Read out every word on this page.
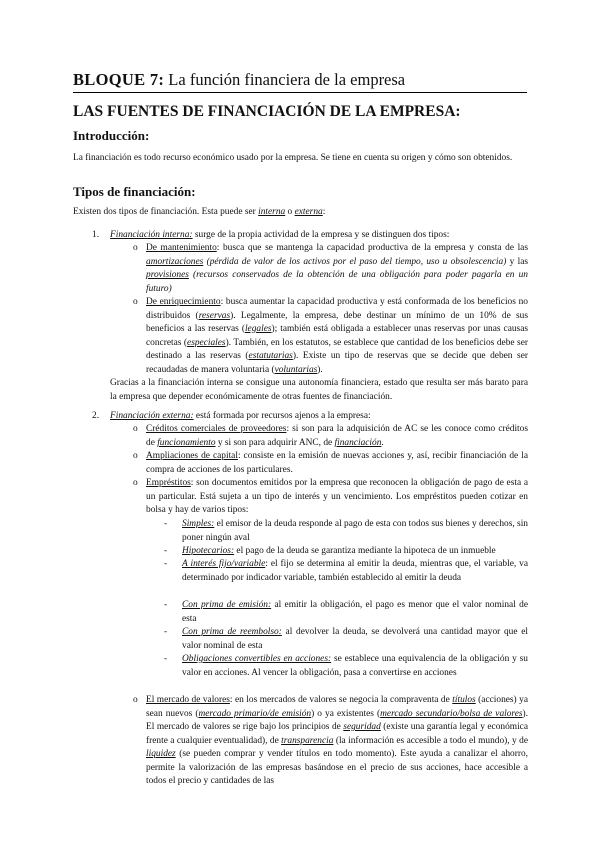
BLOQUE 7: La función financiera de la empresa
LAS FUENTES DE FINANCIACIÓN DE LA EMPRESA:
Introducción:

La financiación es todo recurso económico usado por la empresa. Se tiene en cuenta su origen y cómo son obtenidos.

Tipos de financiación:

Existen dos tipos de financiación. Esta puede ser interna o externa:

1. Financiación interna: surge de la propia actividad de la empresa y se distinguen dos tipos:

o De mantenimiento: busca que se mantenga la capacidad productiva de la empresa y consta de las amortizaciones (pérdida de valor de los activos por el paso del tiempo, uso u obsolescencia) y las provisiones (recursos conservados de la obtención de una obligación para poder pagarla en un futuro)

o De enriquecimiento: busca aumentar la capacidad productiva y está conformada de los beneficios no distribuidos (reservas). Legalmente, la empresa, debe destinar un mínimo de un 10% de sus beneficios a las reservas (legales); también está obligada a establecer unas reservas por unas causas concretas (especiales). También, en los estatutos, se establece que cantidad de los beneficios debe ser destinado a las reservas (estatutarias). Existe un tipo de reservas que se decide que deben ser recaudadas de manera voluntaria (voluntarias).

Gracias a la financiación interna se consigue una autonomía financiera, estado que resulta ser más barato para la empresa que depender económicamente de otras fuentes de financiación.

2. Financiación externa: está formada por recursos ajenos a la empresa:

o Créditos comerciales de proveedores: si son para la adquisición de AC se les conoce como créditos de funcionamiento y si son para adquirir ANC, de financiación.

o Ampliaciones de capital: consiste en la emisión de nuevas acciones y, así, recibir financiación de la compra de acciones de los particulares.

o Empréstitos: son documentos emitidos por la empresa que reconocen la obligación de pago de esta a un particular. Está sujeta a un tipo de interés y un vencimiento. Los empréstitos pueden cotizar en bolsa y hay de varios tipos:

- Simples: el emisor de la deuda responde al pago de esta con todos sus bienes y derechos, sin poner ningún aval

- Hipotecarios: el pago de la deuda se garantiza mediante la hipoteca de un inmueble

- A interés fijo/variable: el fijo se determina al emitir la deuda, mientras que, el variable, va determinado por indicador variable, también establecido al emitir la deuda

- Con prima de emisión: al emitir la obligación, el pago es menor que el valor nominal de esta

- Con prima de reembolso: al devolver la deuda, se devolverá una cantidad mayor que el valor nominal de esta

- Obligaciones convertibles en acciones: se establece una equivalencia de la obligación y su valor en acciones. Al vencer la obligación, pasa a convertirse en acciones

o El mercado de valores: en los mercados de valores se negocia la compraventa de títulos (acciones) ya sean nuevos (mercado primario/de emisión) o ya existentes (mercado secundario/bolsa de valores). El mercado de valores se rige bajo los principios de seguridad (existe una garantía legal y económica frente a cualquier eventualidad), de transparencia (la información es accesible a todo el mundo), y de liquidez (se pueden comprar y vender títulos en todo momento). Este ayuda a canalizar el ahorro, permite la valorización de las empresas basándose en el precio de sus acciones, hace accesible a todos el precio y cantidades de las
